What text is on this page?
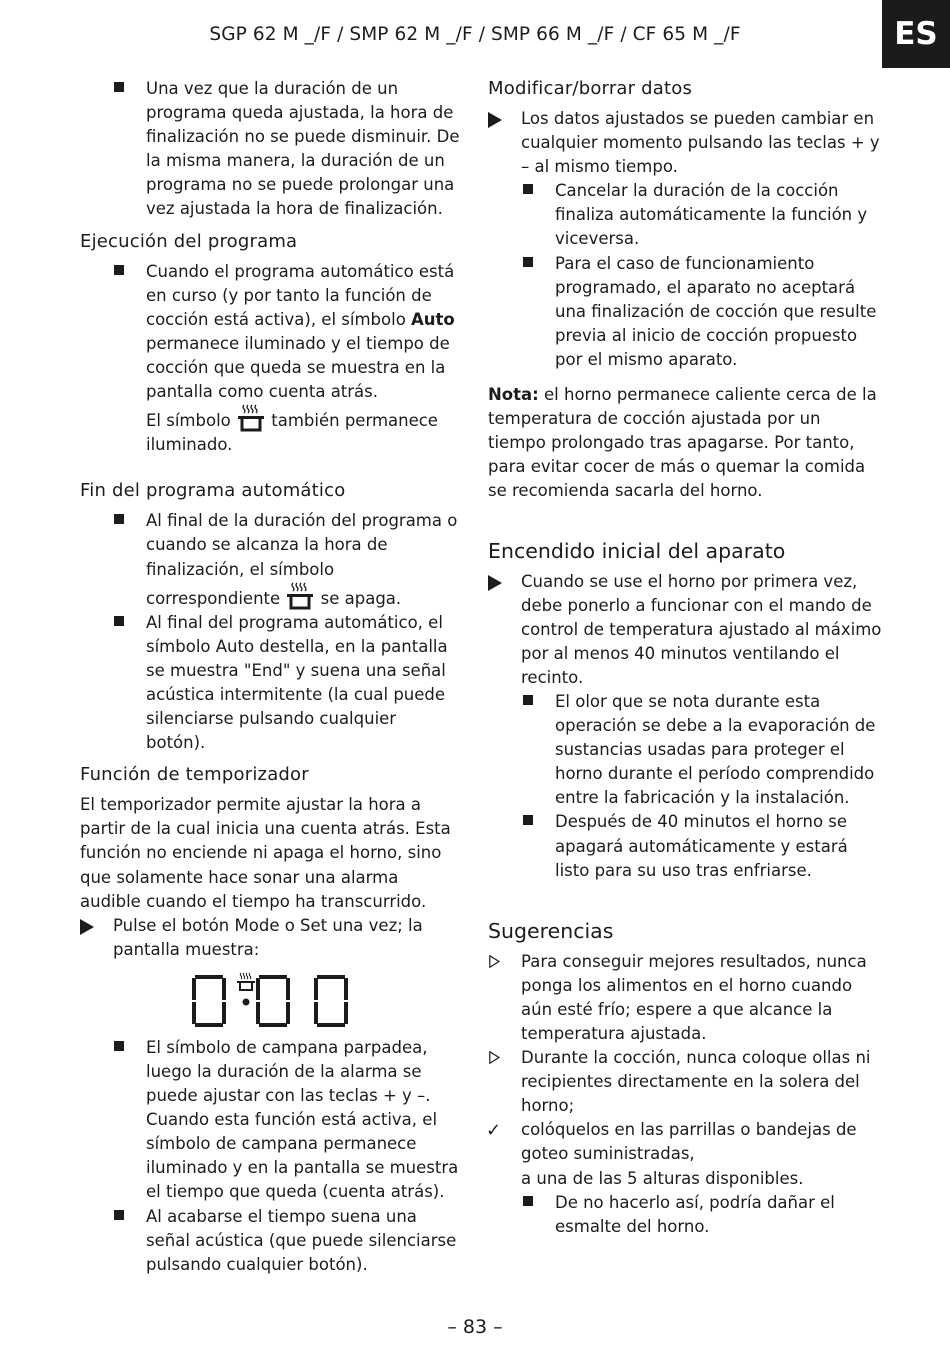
SGP 62 M _/F / SMP 62 M _/F / SMP 66 M _/F / CF 65 M _/F	ES
Una vez que la duración de un programa queda ajustada, la hora de finalización no se puede disminuir. De la misma manera, la duración de un programa no se puede prolongar una vez ajustada la hora de finalización.
Ejecución del programa
Cuando el programa automático está en curso (y por tanto la función de cocción está activa), el símbolo Auto permanece iluminado y el tiempo de cocción que queda se muestra en la pantalla como cuenta atrás.
El símbolo  también permanece iluminado.
Fin del programa automático
Al final de la duración del programa o cuando se alcanza la hora de finalización, el símbolo correspondiente  se apaga.
Al final del programa automático, el símbolo Auto destella, en la pantalla se muestra "End" y suena una señal acústica intermitente (la cual puede silenciarse pulsando cualquier botón).
Función de temporizador

El temporizador permite ajustar la hora a partir de la cual inicia una cuenta atrás. Esta función no enciende ni apaga el horno, sino que solamente hace sonar una alarma audible cuando el tiempo ha transcurrido.

Pulse el botón Mode o Set una vez; la pantalla muestra:
El símbolo de campana parpadea, luego la duración de la alarma se puede ajustar con las teclas + y –. Cuando esta función está activa, el símbolo de campana permanece iluminado y en la pantalla se muestra el tiempo que queda (cuenta atrás).
Al acabarse el tiempo suena una señal acústica (que puede silenciarse pulsando cualquier botón).
Modificar/borrar datos
Los datos ajustados se pueden cambiar en cualquier momento pulsando las teclas + y – al mismo tiempo.
Cancelar la duración de la cocción finaliza automáticamente la función y viceversa.
Para el caso de funcionamiento programado, el aparato no aceptará una finalización de cocción que resulte previa al inicio de cocción propuesto por el mismo aparato.

Nota: el horno permanece caliente cerca de la temperatura de cocción ajustada por un tiempo prolongado tras apagarse. Por tanto, para evitar cocer de más o quemar la comida se recomienda sacarla del horno.

Encendido inicial del aparato
Cuando se use el horno por primera vez, debe ponerlo a funcionar con el mando de control de temperatura ajustado al máximo por al menos 40 minutos ventilando el recinto.
El olor que se nota durante esta operación se debe a la evaporación de sustancias usadas para proteger el horno durante el período comprendido entre la fabricación y la instalación.
Después de 40 minutos el horno se apagará automáticamente y estará listo para su uso tras enfriarse.
Sugerencias
Para conseguir mejores resultados, nunca ponga los alimentos en el horno cuando aún esté frío; espere a que alcance la temperatura ajustada.
Durante la cocción, nunca coloque ollas ni recipientes directamente en la solera del horno;
✓ colóquelos en las parrillas o bandejas de goteo suministradas,
a una de las 5 alturas disponibles.
De no hacerlo así, podría dañar el esmalte del horno.
– 83 –
